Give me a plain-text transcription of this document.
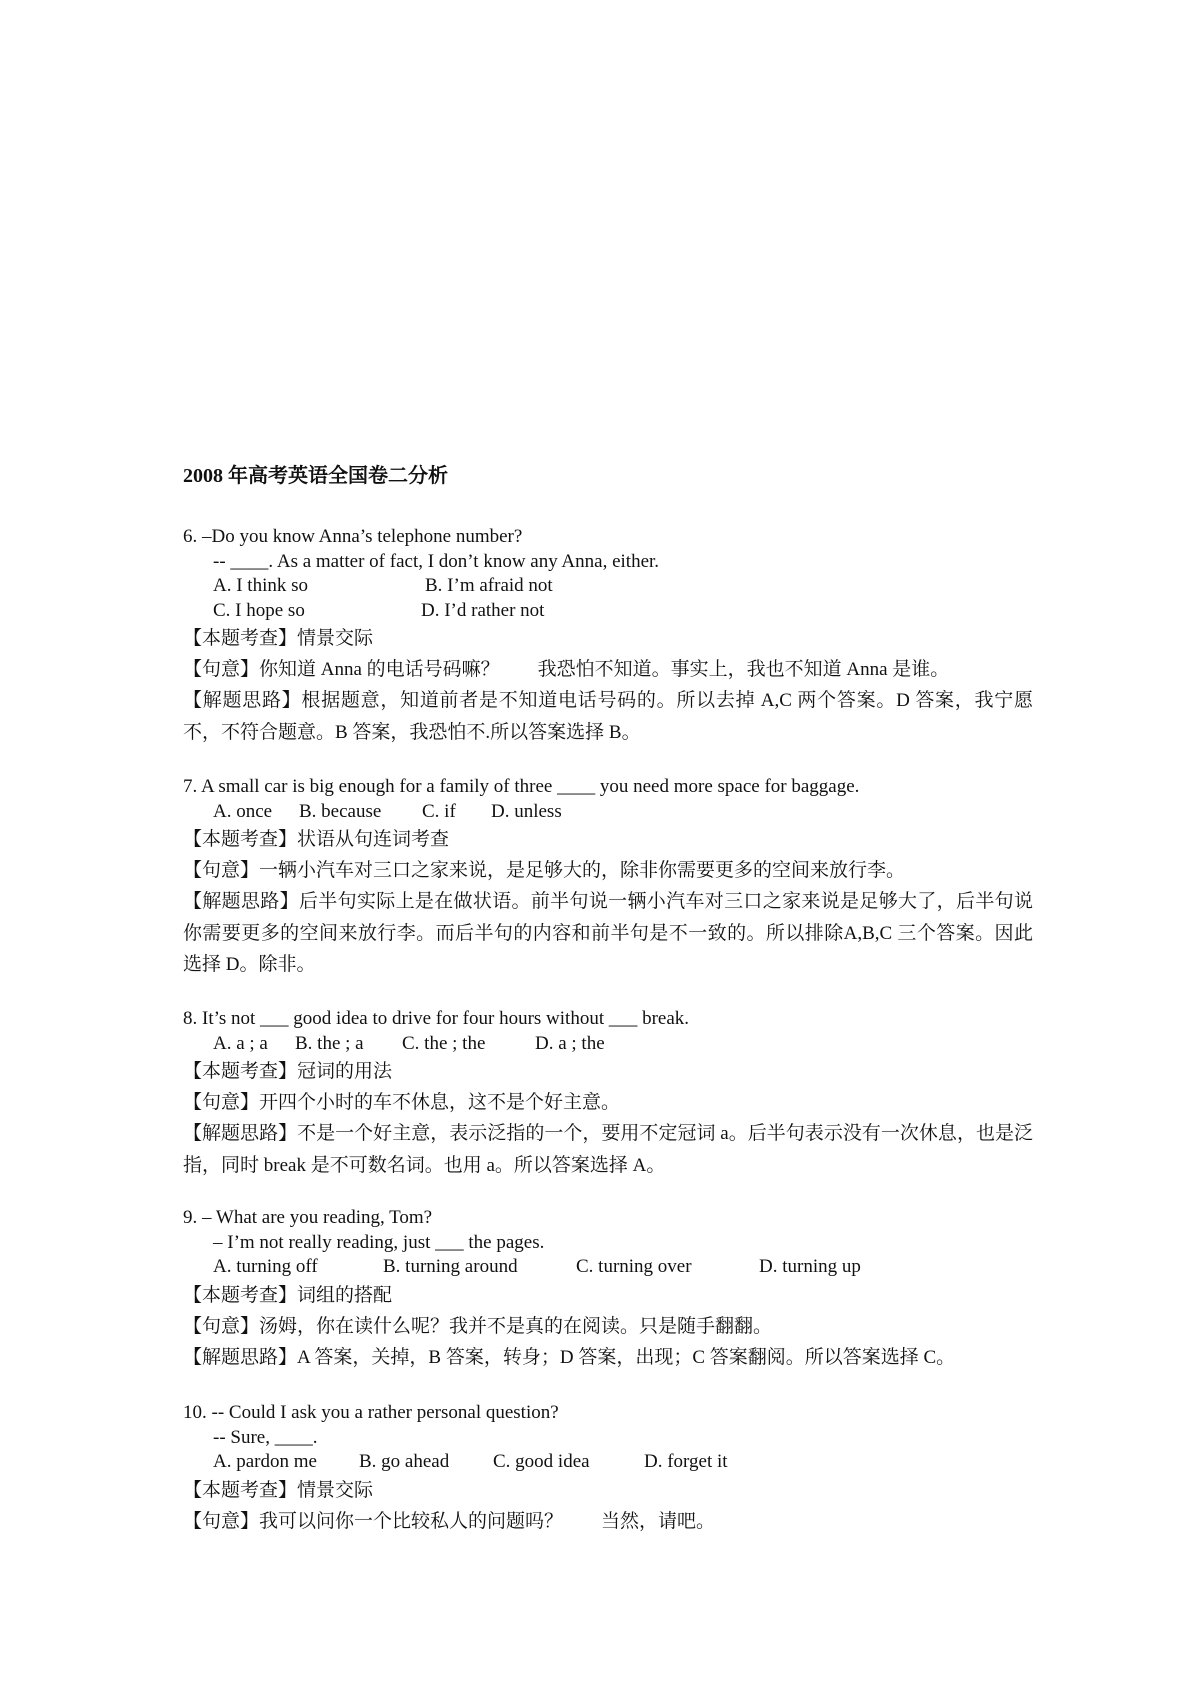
2008 年高考英语全国卷二分析
6. –Do you know Anna’s telephone number?
-- ____. As a matter of fact, I don’t know any Anna, either.
A. I think so	B. I’m afraid not
C. I hope so	D. I’d rather not
【本题考查】情景交际
【句意】你知道 Anna 的电话号码嘛？　　我恐怕不知道。事实上，我也不知道 Anna 是谁。
【解题思路】根据题意，知道前者是不知道电话号码的。所以去掉 A,C 两个答案。D 答案，我宁愿不，不符合题意。B 答案，我恐怕不.所以答案选择 B。
7. A small car is big enough for a family of three ____ you need more space for baggage.
A. once	B. because	C. if	D. unless
【本题考查】状语从句连词考查
【句意】一辆小汽车对三口之家来说，是足够大的，除非你需要更多的空间来放行李。
【解题思路】后半句实际上是在做状语。前半句说一辆小汽车对三口之家来说是足够大了，后半句说你需要更多的空间来放行李。而后半句的内容和前半句是不一致的。所以排除A,B,C 三个答案。因此选择 D。除非。
8. It’s not ___ good idea to drive for four hours without ___ break.
A. a ; a	B. the ; a	C. the ; the	D. a ; the
【本题考查】冠词的用法
【句意】开四个小时的车不休息，这不是个好主意。
【解题思路】不是一个好主意，表示泛指的一个，要用不定冠词 a。后半句表示没有一次休息，也是泛指，同时 break 是不可数名词。也用 a。所以答案选择 A。
9. – What are you reading, Tom?
– I’m not really reading, just ___ the pages.
A. turning off	B. turning around	C. turning over	D. turning up
【本题考查】词组的搭配
【句意】汤姆，你在读什么呢？我并不是真的在阅读。只是随手翻翻。
【解题思路】A 答案，关掉，B 答案，转身；D 答案，出现；C 答案翻阅。所以答案选择 C。
10. -- Could I ask you a rather personal question?
-- Sure, ____.
A. pardon me	B. go ahead	C. good idea	D. forget it
【本题考查】情景交际
【句意】我可以问你一个比较私人的问题吗？　　当然，请吧。
